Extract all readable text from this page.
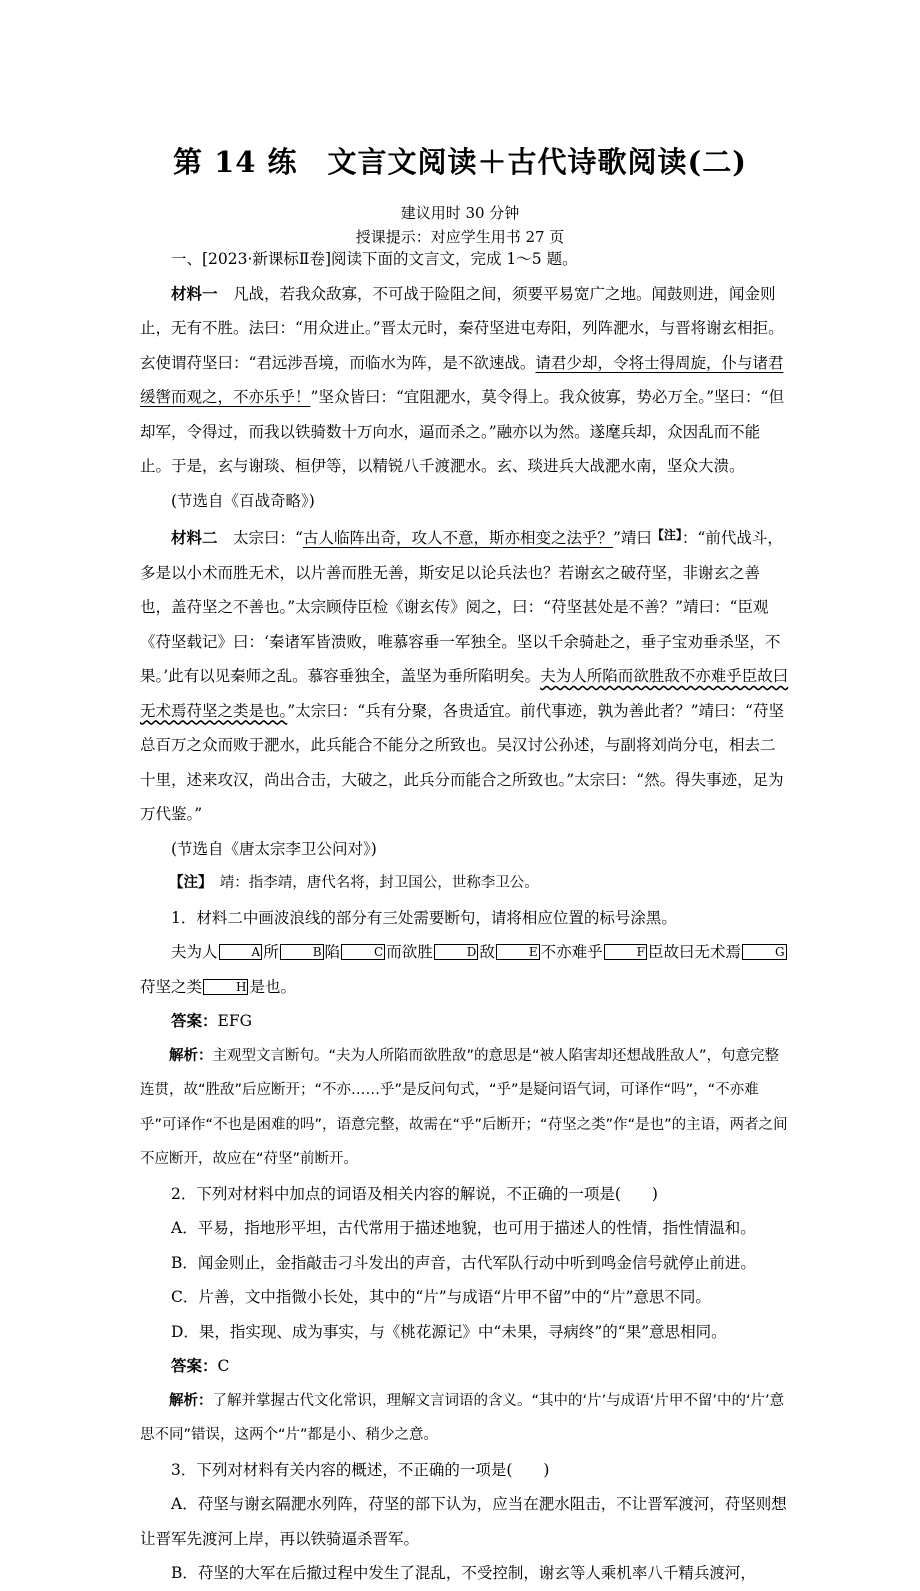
第 14 练　文言文阅读＋古代诗歌阅读(二)
建议用时 30 分钟
授课提示：对应学生用书 27 页

一、[2023·新课标Ⅱ卷]阅读下面的文言文，完成 1～5 题。

材料一　凡战，若我众敌寡，不可战于险阻之间，须要平易宽广之地。闻鼓则进，闻金则止，无有不胜。法曰：“用众进止。”晋太元时，秦苻坚进屯寿阳，列阵淝水，与晋将谢玄相拒。玄使谓苻坚曰：“君远涉吾境，而临水为阵，是不欲速战。请君少却，令将士得周旋，仆与诸君缓辔而观之，不亦乐乎！”坚众皆曰：“宜阻淝水，莫令得上。我众彼寡，势必万全。”坚曰：“但却军，令得过，而我以铁骑数十万向水，逼而杀之。”融亦以为然。遂麾兵却，众因乱而不能止。于是，玄与谢琰、桓伊等，以精锐八千渡淝水。玄、琰进兵大战淝水南，坚众大溃。

(节选自《百战奇略》)

材料二　太宗曰：“古人临阵出奇，攻人不意，斯亦相变之法乎？”靖曰$^{【注】}$：“前代战斗，多是以小术而胜无术，以片善而胜无善，斯安足以论兵法也？若谢玄之破苻坚，非谢玄之善也，盖苻坚之不善也。”太宗顾侍臣检《谢玄传》阅之，曰：“苻坚甚处是不善？”靖曰：“臣观《苻坚载记》曰：‘秦诸军皆溃败，唯慕容垂一军独全。坚以千余骑赴之，垂子宝劝垂杀坚，不果。’此有以见秦师之乱。慕容垂独全，盖坚为垂所陷明矣。夫为人所陷而欲胜敌不亦难乎臣故曰无术焉苻坚之类是也。”太宗曰：“兵有分聚，各贵适宜。前代事迹，孰为善此者？”靖曰：“苻坚总百万之众而败于淝水，此兵能合不能分之所致也。吴汉讨公孙述，与副将刘尚分屯，相去二十里，述来攻汉，尚出合击，大破之，此兵分而能合之所致也。”太宗曰：“然。得失事迹，足为万代鉴。”

(节选自《唐太宗李卫公问对》)

【注】　靖：指李靖，唐代名将，封卫国公，世称李卫公。

1．材料二中画波浪线的部分有三处需要断句，请将相应位置的标号涂黑。

夫为人	A 所	B 陷	C 而欲胜	D 敌	E 不亦难乎	F 臣故曰无术焉	G苻坚之类	H 是也。

答案：EFG

解析：主观型文言断句。“夫为人所陷而欲胜敌”的意思是“被人陷害却还想战胜敌人”，句意完整连贯，故“胜敌”后应断开；“不亦……乎”是反问句式，“乎”是疑问语气词，可译作“吗”，“不亦难乎”可译作“不也是困难的吗”，语意完整，故需在“乎”后断开；“苻坚之类”作“是也”的主语，两者之间不应断开，故应在“苻坚”前断开。

2．下列对材料中加点的词语及相关内容的解说，不正确的一项是(　　)

A．平易，指地形平坦，古代常用于描述地貌，也可用于描述人的性情，指性情温和。

B．闻金则止，金指敲击刁斗发出的声音，古代军队行动中听到鸣金信号就停止前进。

C．片善，文中指微小长处，其中的“片”与成语“片甲不留”中的“片”意思不同。

D．果，指实现、成为事实，与《桃花源记》中“未果，寻病终”的“果”意思相同。

答案：C

解析：了解并掌握古代文化常识，理解文言词语的含义。“其中的‘片’与成语‘片甲不留’中的‘片’意思不同”错误，这两个“片”都是小、稍少之意。

3．下列对材料有关内容的概述，不正确的一项是(　　)

A．苻坚与谢玄隔淝水列阵，苻坚的部下认为，应当在淝水阻击，不让晋军渡河，苻坚则想让晋军先渡河上岸，再以铁骑逼杀晋军。

B．苻坚的大军在后撤过程中发生了混乱，不受控制，谢玄等人乘机率八千精兵渡河，
